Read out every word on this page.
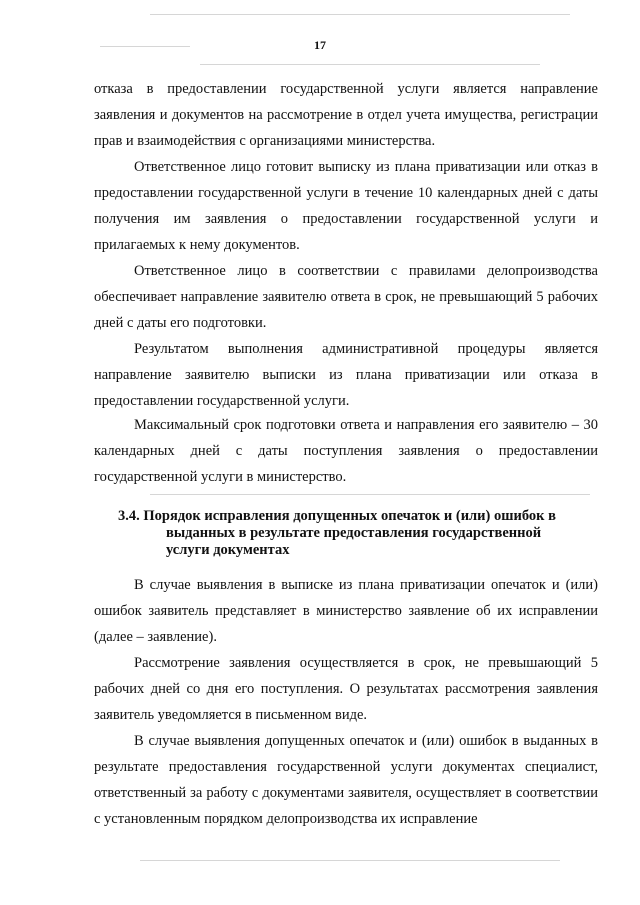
17

отказа в предоставлении государственной услуги является направление заявления и документов на рассмотрение в отдел учета имущества, регистрации прав и взаимодействия с организациями министерства.

Ответственное лицо готовит выписку из плана приватизации или отказ в предоставлении государственной услуги в течение 10 календарных дней с даты получения им заявления о предоставлении государственной услуги и прилагаемых к нему документов.

Ответственное лицо в соответствии с правилами делопроизводства обеспечивает направление заявителю ответа в срок, не превышающий 5 рабочих дней с даты его подготовки.

Результатом выполнения административной процедуры является направление заявителю выписки из плана приватизации или отказа в предоставлении государственной услуги.

Максимальный срок подготовки ответа и направления его заявителю – 30 календарных дней с даты поступления заявления о предоставлении государственной услуги в министерство.

3.4. Порядок исправления допущенных опечаток и (или) ошибок в
выданных в результате предоставления государственной
услуги документах

В случае выявления в выписке из плана приватизации опечаток и (или) ошибок заявитель представляет в министерство заявление об их исправлении (далее – заявление).

Рассмотрение заявления осуществляется в срок, не превышающий 5 рабочих дней со дня его поступления. О результатах рассмотрения заявления заявитель уведомляется в письменном виде.

В случае выявления допущенных опечаток и (или) ошибок в выданных в результате предоставления государственной услуги документах специалист, ответственный за работу с документами заявителя, осуществляет в соответствии с установленным порядком делопроизводства их исправление
